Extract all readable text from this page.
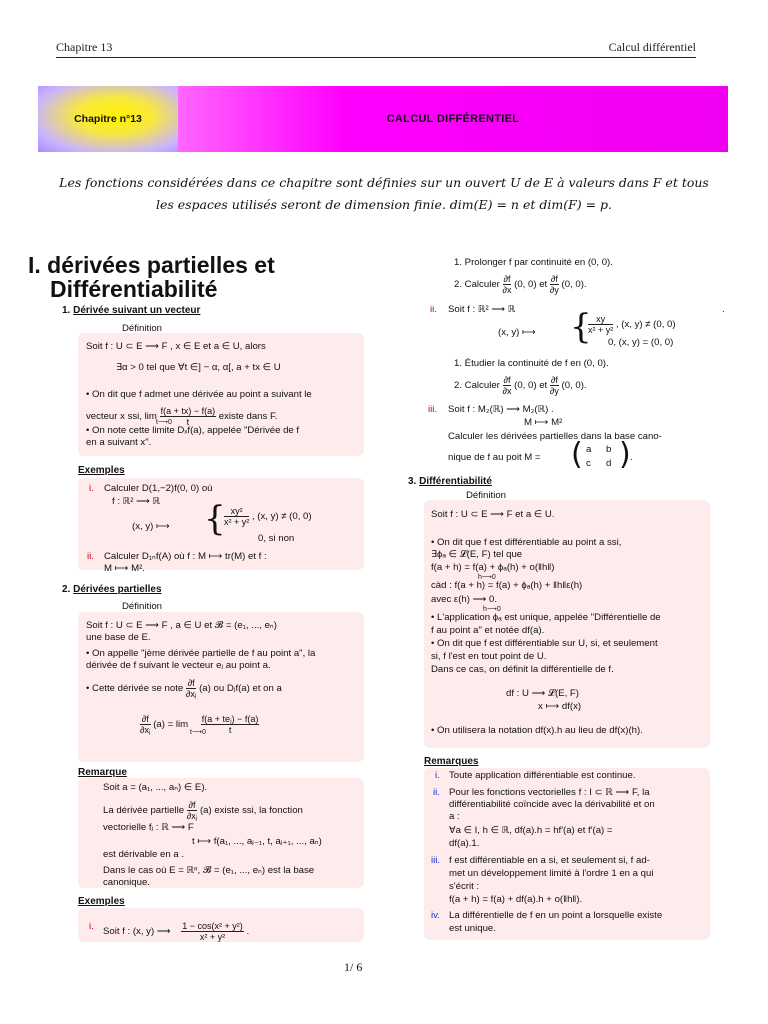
Chapitre 13	Calcul différentiel
Chapitre n°13	CALCUL DIFFÉRENTIEL
Les fonctions considérées dans ce chapitre sont définies sur un ouvert U de E à valeurs dans F et tous
les espaces utilisés seront de dimension finie. dim(E) = n et dim(F) = p.
I. dérivées partielles et
Différentiabilité
1. Dérivée suivant un vecteur
Définition
Soit f : U ⊂ E ⟶ F , x ∈ E et a ∈ U, alors
∃α > 0 tel que ∀t ∈] − α, α[, a + tx ∈ U
• On dit que f admet une dérivée au point a suivant le
vecteur x ssi, $\lim \frac{f(a + tx) - f(a)}{t}$ existe dans F.
t⟶0
• On note cette limite Dₓf(a), appelée "Dérivée de f
en a suivant x".
Exemples
i. Calculer D(1,−2)f(0, 0) où
f : ℝ² ⟶ ℝ
(x, y) ⟼ {
$\frac{\text{xy²}}{\text{x² + y²}}$ , (x, y) ≠ (0, 0)
0, si non
ii. Calculer D₁ₙf(A) où f : M ⟼ tr(M) et f :
M ⟼ M².
2. Dérivées partielles
Définition
Soit f : U ⊂ E ⟶ F , a ∈ U et 𝓑 = (e₁, ..., eₙ)
une base de E.
• On appelle "jème dérivée partielle de f au point a", la
dérivée de f suivant le vecteur eⱼ au point a.
• Cette dérivée se note $\frac{\partial f}{\text{∂xⱼ}} (a)$ ou Dⱼf(a) et on a
$\frac{\partial f}{\text{∂xⱼ}} (a) = \lim \frac{\text{f(a + teⱼ) − f(a)}}{t}$
t⟶0
Remarque
Soit a = (a₁, ..., aₙ) ∈ E).
La dérivée partielle $\frac{\partial f}{\text{∂xⱼ}} (a)$ existe ssi, la fonction
vectorielle fⱼ : ℝ ⟶ F
t ⟼ f(a₁, ..., aⱼ₋₁, t, aⱼ₊₁, ..., aₙ)
est dérivable en a .
Dans le cas où E = ℝⁿ, 𝓑 = (e₁, ..., eₙ) est la base
canonique.
Exemples
i. Soit f : (x, y) ⟶ $\frac{\text{1 − cos(x² + y²)}}{\text{x² + y²}}$ .
1. Prolonger f par continuité en (0, 0).
2. Calculer $\frac{\partial f}{\partial x} (0$, 0) et $\frac{\partial f}{\partial y} (0$, 0).
ii. Soit f : ℝ² ⟶ ℝ	.
(x, y) ⟼ {
$\frac{xy}{\text{x² + y²}}$ , (x, y) ≠ (0, 0)
0, (x, y) = (0, 0)
1. Étudier la continuité de f en (0, 0).
2. Calculer $\frac{\partial f}{\partial x} (0$, 0) et $\frac{\partial f}{\partial y} (0$, 0).
iii. Soit f : M₂(ℝ) ⟶ M₂(ℝ) .
M ⟼ M²
Calculer les dérivées partielles dans la base cano-
nique de f au poit M = ( a b
c d ) .
3. Différentiabilité
Définition
Soit f : U ⊂ E ⟶ F et a ∈ U.
• On dit que f est différentiable au point a ssi,
∃ϕₐ ∈ 𝓛(E, F) tel que
f(a + h) = f(a) + ϕₐ(h) + o(‖h‖)
h⟶0
càd : f(a + h) = f(a) + ϕₐ(h) + ‖h‖ε(h)
avec ε(h) ⟶ 0.
h⟶0
• L'application ϕₐ est unique, appelée "Différentielle de
f au point a" et notée df(a).
• On dit que f est différentiable sur U, si, et seulement
si, f l'est en tout point de U.
Dans ce cas, on définit la différentielle de f.
df : U ⟶ 𝓛(E, F)
x ⟼ df(x)
• On utilisera la notation df(x).h au lieu de df(x)(h).
Remarques
i. Toute application différentiable est continue.
ii. Pour les fonctions vectorielles f : I ⊂ ℝ ⟶ F, la
différentiabilité coïncide avec la dérivabilité et on
a :
∀a ∈ I, h ∈ ℝ, df(a).h = hf′(a) et f′(a) =
df(a).1.
iii. f est différentiable en a si, et seulement si, f ad-
met un développement limité à l'ordre 1 en a qui
s'écrit :
f(a + h) = f(a) + df(a).h + o(‖h‖).
iv. La différentielle de f en un point a lorsquelle existe
est unique.
1/ 6
